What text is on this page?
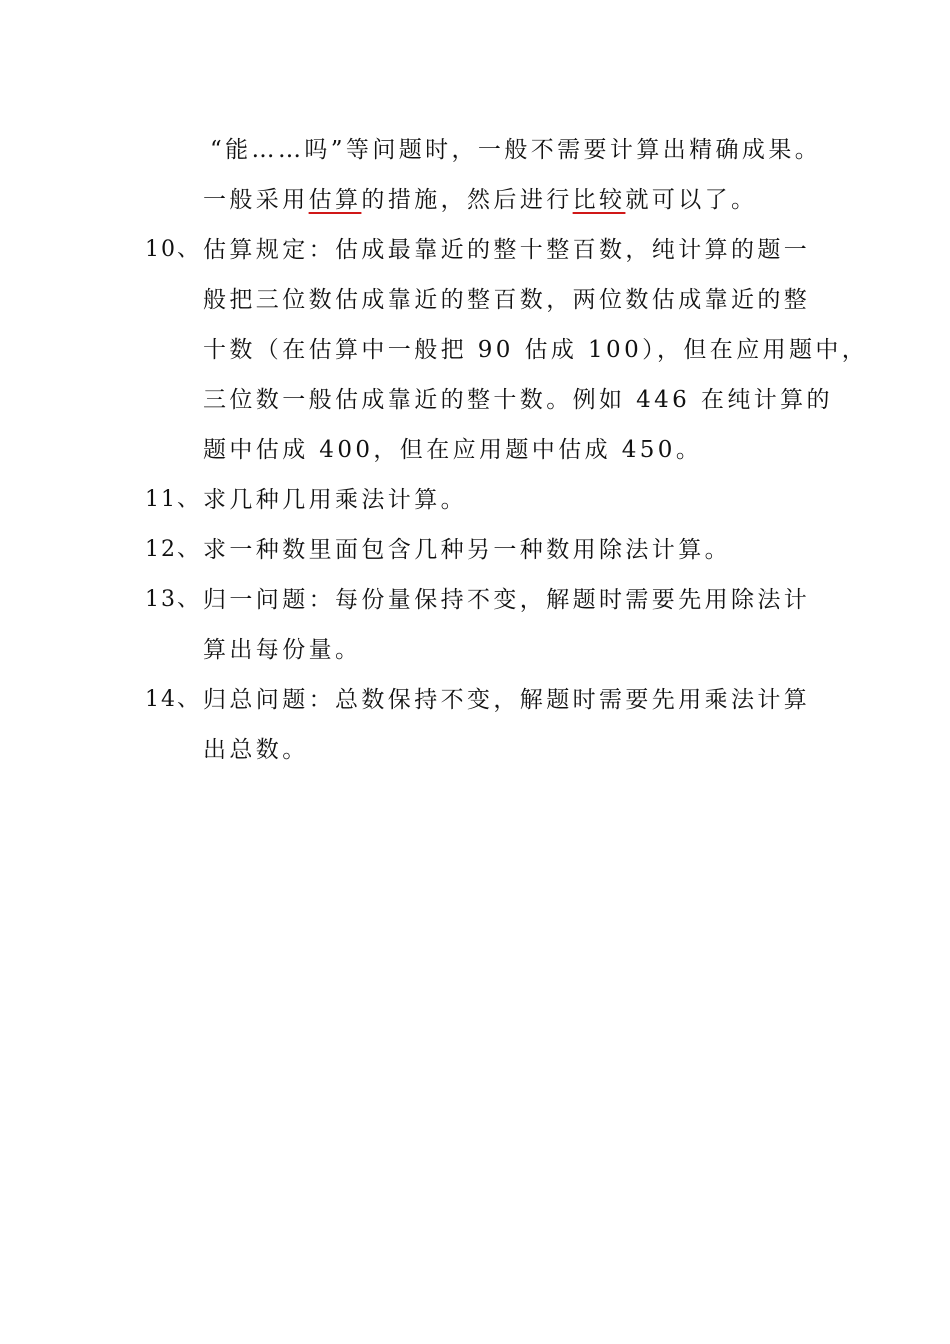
“能……吗”等问题时，一般不需要计算出精确成果。
一般采用估算的措施，然后进行比较就可以了。
10、 估算规定：估成最靠近的整十整百数，纯计算的题一
般把三位数估成靠近的整百数，两位数估成靠近的整
十数（在估算中一般把 90 估成 100），但在应用题中，
三位数一般估成靠近的整十数。例如 446 在纯计算的
题中估成 400，但在应用题中估成 450。
11、 求几种几用乘法计算。
12、 求一种数里面包含几种另一种数用除法计算。
13、 归一问题：每份量保持不变，解题时需要先用除法计
算出每份量。
14、 归总问题：总数保持不变，解题时需要先用乘法计算
出总数。
